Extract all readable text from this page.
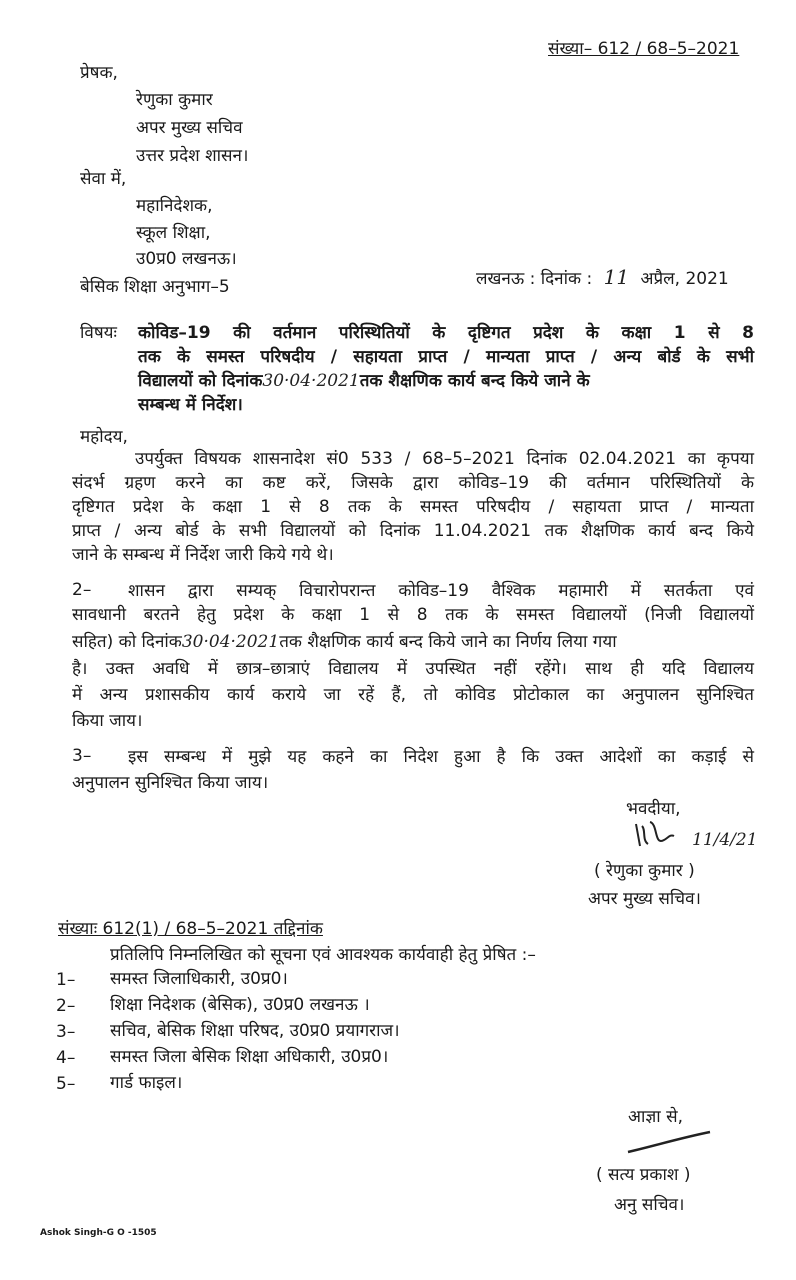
संख्या– 612 / 68–5–2021
प्रेषक,
रेणुका कुमार
अपर मुख्य सचिव
उत्तर प्रदेश शासन।
सेवा में,
महानिदेशक,
स्कूल शिक्षा,
उ0प्र0 लखनऊ।
बेसिक शिक्षा अनुभाग–5	लखनऊ : दिनांक : 11 अप्रैल, 2021
विषयः कोविड–19 की वर्तमान परिस्थितियों के दृष्टिगत प्रदेश के कक्षा 1 से 8
तक के समस्त परिषदीय / सहायता प्राप्त / मान्यता प्राप्त / अन्य बोर्ड के सभी
विद्यालयों को दिनांक30·04·2021तक शैक्षणिक कार्य बन्द किये जाने के
सम्बन्ध में निर्देश।
महोदय,
उपर्युक्त विषयक शासनादेश सं0 533 / 68–5–2021 दिनांक 02.04.2021 का कृपया
संदर्भ ग्रहण करने का कष्ट करें, जिसके द्वारा कोविड–19 की वर्तमान परिस्थितियों के
दृष्टिगत प्रदेश के कक्षा 1 से 8 तक के समस्त परिषदीय / सहायता प्राप्त / मान्यता
प्राप्त / अन्य बोर्ड के सभी विद्यालयों को दिनांक 11.04.2021 तक शैक्षणिक कार्य बन्द किये
जाने के सम्बन्ध में निर्देश जारी किये गये थे।
2– शासन द्वारा सम्यक् विचारोपरान्त कोविड–19 वैश्विक महामारी में सतर्कता एवं
सावधानी बरतने हेतु प्रदेश के कक्षा 1 से 8 तक के समस्त विद्यालयों (निजी विद्यालयों
सहित) को दिनांक30·04·2021तक शैक्षणिक कार्य बन्द किये जाने का निर्णय लिया गया
है। उक्त अवधि में छात्र–छात्राएं विद्यालय में उपस्थित नहीं रहेंगे। साथ ही यदि विद्यालय
में अन्य प्रशासकीय कार्य कराये जा रहें हैं, तो कोविड प्रोटोकाल का अनुपालन सुनिश्चित
किया जाय।
3– इस सम्बन्ध में मुझे यह कहने का निदेश हुआ है कि उक्त आदेशों का कड़ाई से
अनुपालन सुनिश्चित किया जाय।
भवदीया,
11/4/21
( रेणुका कुमार )
अपर मुख्य सचिव।
संख्याः 612(1) / 68–5–2021 तद्दिनांक
प्रतिलिपि निम्नलिखित को सूचना एवं आवश्यक कार्यवाही हेतु प्रेषित :–
1– समस्त जिलाधिकारी, उ0प्र0।
2– शिक्षा निदेशक (बेसिक), उ0प्र0 लखनऊ ।
3– सचिव, बेसिक शिक्षा परिषद, उ0प्र0 प्रयागराज।
4– समस्त जिला बेसिक शिक्षा अधिकारी, उ0प्र0।
5– गार्ड फाइल।
आज्ञा से,
( सत्य प्रकाश )
अनु सचिव।
Ashok Singh-G O -1505
